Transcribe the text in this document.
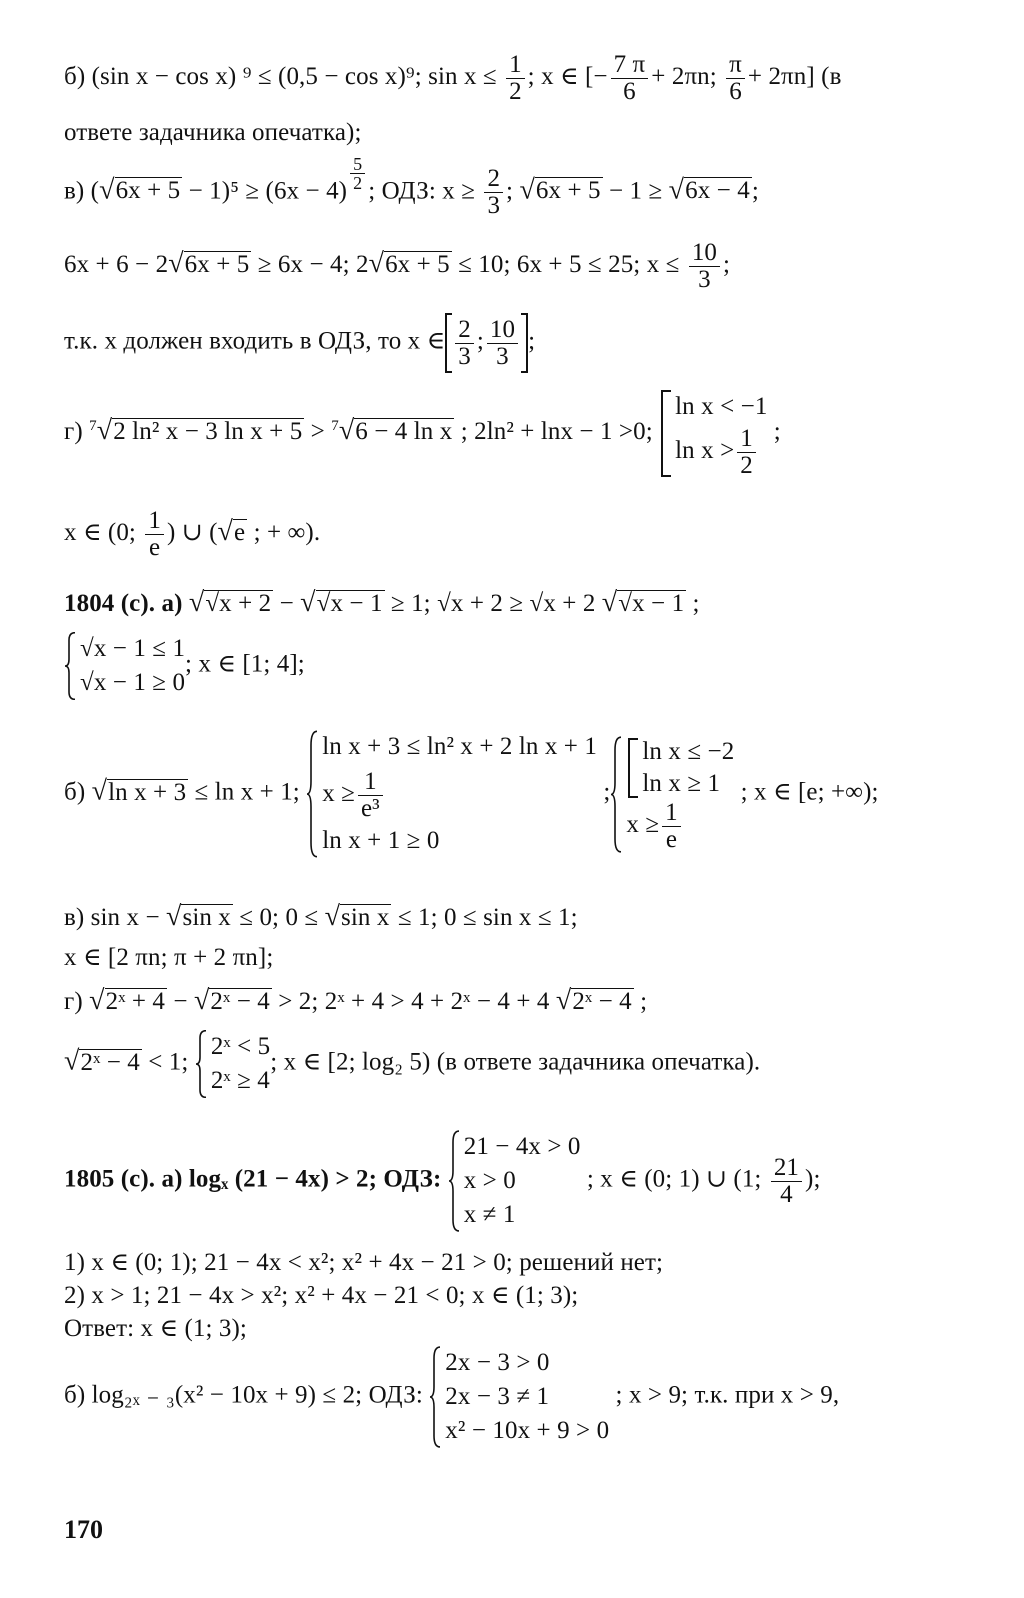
б) (sin x − cos x) ⁹ ≤ (0,5 − cos x)⁹; $\sin x \le \frac{1}{2}$ ; x ∈ [− $\frac{7 \pi}{6} + 2\pi n$; $\frac{\pi}{6} + 2\pi n$] (в
ответе задачника опечатка);
в) $(√6x + 5 - 1)^5 \ge (6x - 4) \frac{5}{2}$ ; ОДЗ: $x \ge \frac{2}{3}$ ; √6x + 5 − 1 ≥ √6x − 4;
6x + 6 − 2√6x + 5 ≥ 6x − 4; 2√6x + 5 ≤ 10; 6x + 5 ≤ 25; $x \le \frac{10}{3}$ ;
т.к. x должен входить в ОДЗ, то x ∈ $\frac{2}{3}$ ; $\frac{10}{3}$ ;
г) $^7$√2 ln² x − 3 ln x + 5 > $^7$√6 − 4 ln x ; 2ln² + lnx − 1 >0;
ln x < −1
$\ln x > \frac{1}{2}$ ;
x ∈ (0; $\frac{1}{e}$ ) ∪ (√e ; + ∞).
1804 (с). а) √√x + 2 − √√x − 1 ≥ 1; √x + 2 ≥ √x + 2 √√x − 1 ;
√x − 1 ≤ 1
√x − 1 ≥ 0
; x ∈ [1; 4];
б) √ln x + 3 ≤ ln x + 1;
ln x + 3 ≤ ln² x + 2 ln x + 1
$x \ge \frac{1}{\text{e³}}$
ln x + 1 ≥ 0
;
ln x ≤ −2
ln x ≥ 1
$x \ge \frac{1}{e}$
; x ∈ [e; +∞);
в) sin x − √sin x ≤ 0; 0 ≤ √sin x ≤ 1; 0 ≤ sin x ≤ 1;
x ∈ [2 πn; π + 2 πn];
г) √2ˣ + 4 − √2ˣ − 4 > 2; 2ˣ + 4 > 4 + 2ˣ − 4 + 4 √2ˣ − 4 ;
√2ˣ − 4 < 1;
2ˣ < 5
2ˣ ≥ 4
; x ∈ [2; log₂ 5) (в ответе задачника опечатка).
1805 (с). а) logₓ (21 − 4x) > 2; ОДЗ:
21 − 4x > 0
x > 0
x ≠ 1
; x ∈ (0; 1) ∪ (1; $\frac{21}{4}$ );
1) x ∈ (0; 1); 21 − 4x < x²; x² + 4x − 21 > 0; решений нет;
2) x > 1; 21 − 4x > x²; x² + 4x − 21 < 0; x ∈ (1; 3);
Ответ: x ∈ (1; 3);
б) log₂ₓ ₋ ₃(x² − 10x + 9) ≤ 2; ОДЗ:
2x − 3 > 0
2x − 3 ≠ 1
x² − 10x + 9 > 0
; x > 9; т.к. при x > 9,
170
